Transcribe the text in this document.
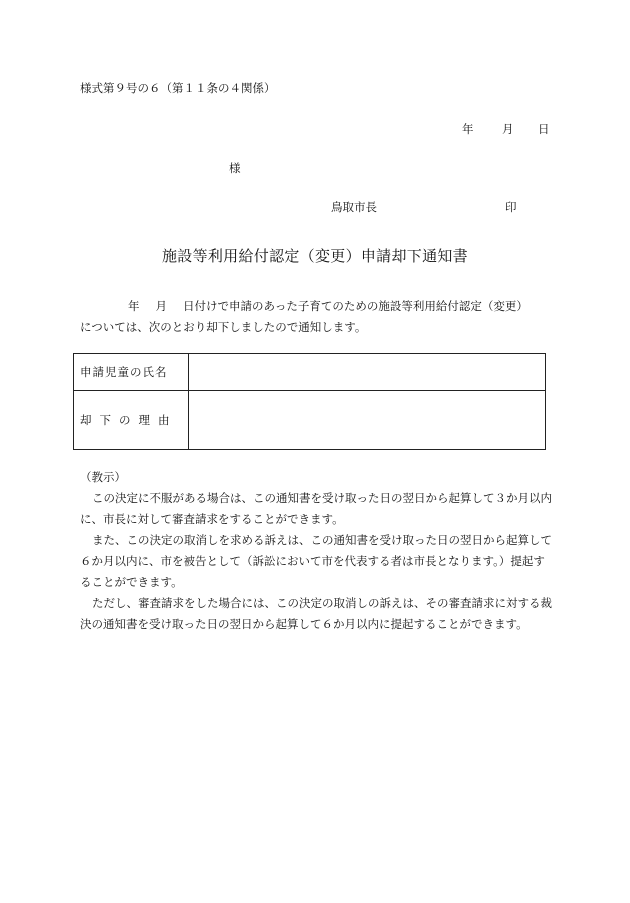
様式第９号の６（第１１条の４関係）
年	月	日
様
鳥取市長	印
施設等利用給付認定（変更）申請却下通知書
年 月 日付けで申請のあった子育てのための施設等利用給付認定（変更）
については、次のとおり却下しましたので通知します。
申請児童の氏名	
却下の理由	

（教示）

この決定に不服がある場合は、この通知書を受け取った日の翌日から起算して３か月以内に、市長に対して審査請求をすることができます。

また、この決定の取消しを求める訴えは、この通知書を受け取った日の翌日から起算して６か月以内に、市を被告として（訴訟において市を代表する者は市長となります。）提起することができます。

ただし、審査請求をした場合には、この決定の取消しの訴えは、その審査請求に対する裁決の通知書を受け取った日の翌日から起算して６か月以内に提起することができます。
